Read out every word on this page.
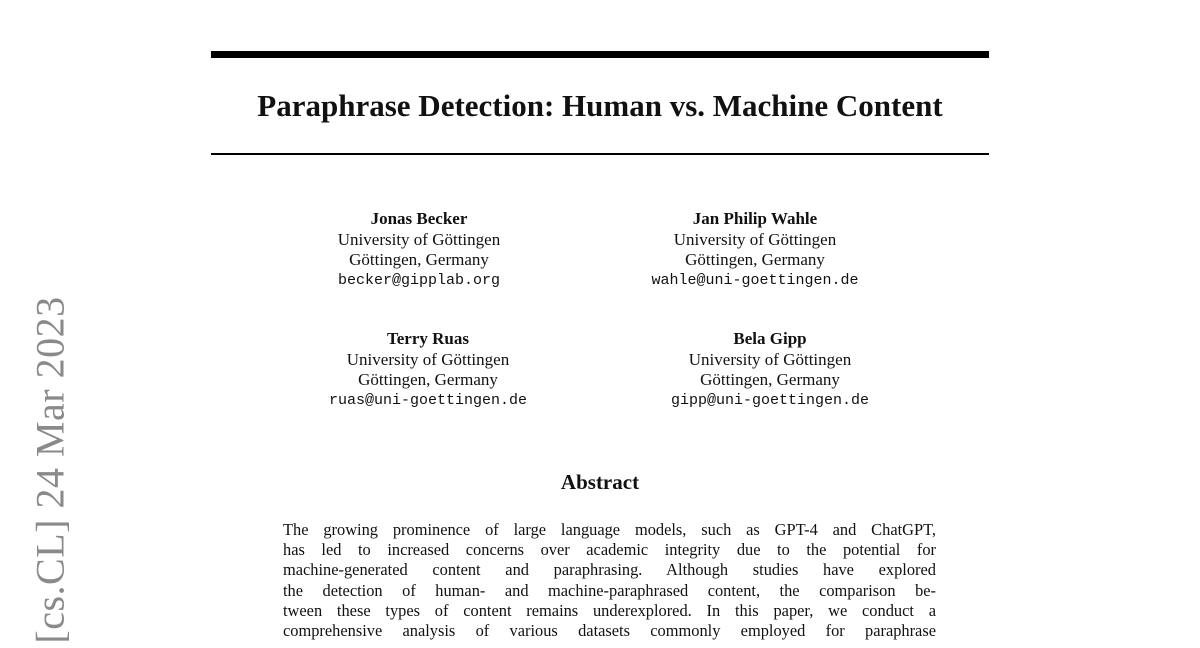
[cs.CL] 24 Mar 2023
Paraphrase Detection: Human vs. Machine Content
Jonas Becker
University of Göttingen
Göttingen, Germany
becker@gipplab.org
Jan Philip Wahle
University of Göttingen
Göttingen, Germany
wahle@uni-goettingen.de
Terry Ruas
University of Göttingen
Göttingen, Germany
ruas@uni-goettingen.de
Bela Gipp
University of Göttingen
Göttingen, Germany
gipp@uni-goettingen.de
Abstract
The growing prominence of large language models, such as GPT-4 and ChatGPT,
has led to increased concerns over academic integrity due to the potential for
machine-generated content and paraphrasing. Although studies have explored
the detection of human- and machine-paraphrased content, the comparison be-
tween these types of content remains underexplored. In this paper, we conduct a
comprehensive analysis of various datasets commonly employed for paraphrase
